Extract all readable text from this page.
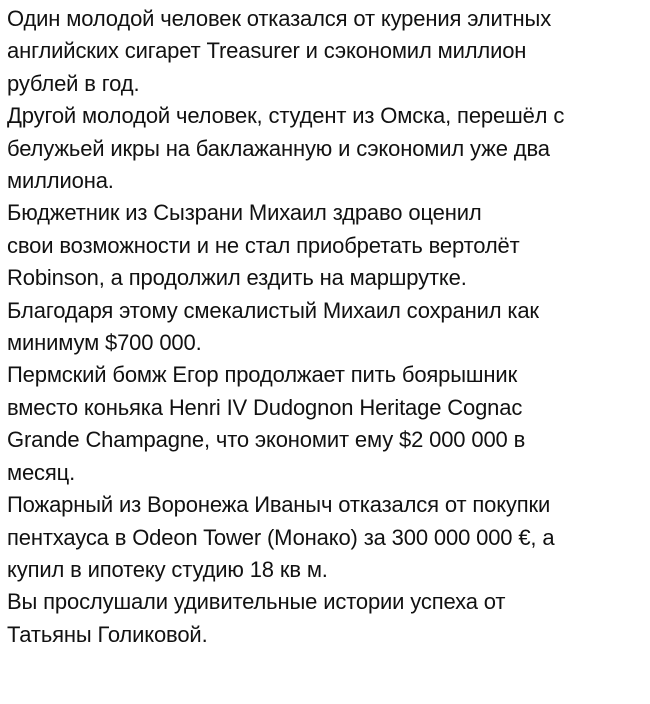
Один молодой человек отказался от курения элитных
английских сигарет Treasurer и сэкономил миллион
рублей в год.

Другой молодой человек, студент из Омска, перешёл с
белужьей икры на баклажанную и сэкономил уже два
миллиона.

Бюджетник из Сызрани Михаил здраво оценил
свои возможности и не стал приобретать вертолёт
Robinson, а продолжил ездить на маршрутке.

Благодаря этому смекалистый Михаил сохранил как
минимум $700 000.

Пермский бомж Егор продолжает пить боярышник
вместо коньяка Henri IV Dudognon Heritage Cognac
Grande Champagne, что экономит ему $2 000 000 в
месяц.

Пожарный из Воронежа Иваныч отказался от покупки
пентхауса в Odeon Tower (Монако) за 300 000 000 €, а
купил в ипотеку студию 18 кв м.

Вы прослушали удивительные истории успеха от
Татьяны Голиковой.
